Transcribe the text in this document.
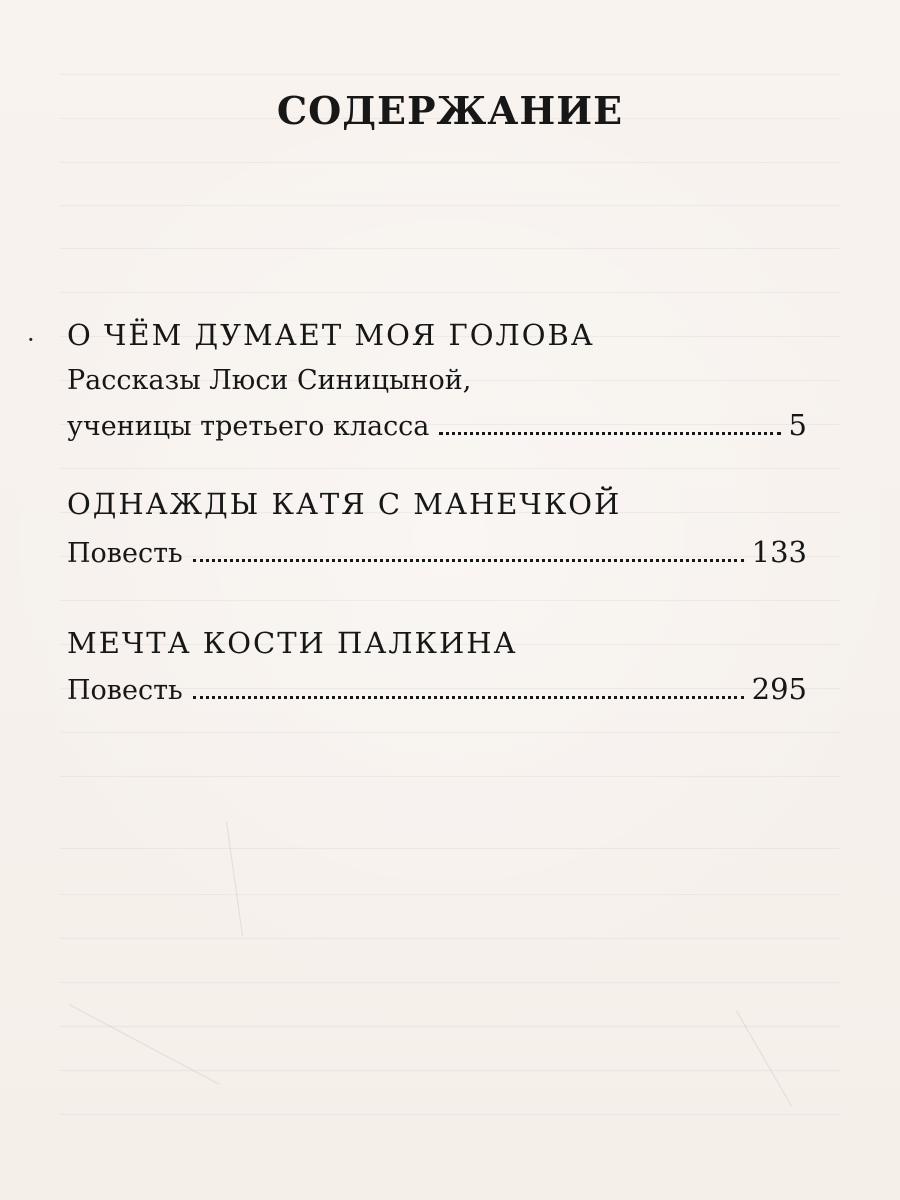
СОДЕРЖАНИЕ
· О ЧЁМ ДУМАЕТ МОЯ ГОЛОВА
Рассказы Люси Синицыной,
ученицы третьего класса	5
ОДНАЖДЫ КАТЯ С МАНЕЧКОЙ
Повесть	133
МЕЧТА КОСТИ ПАЛКИНА
Повесть	295
